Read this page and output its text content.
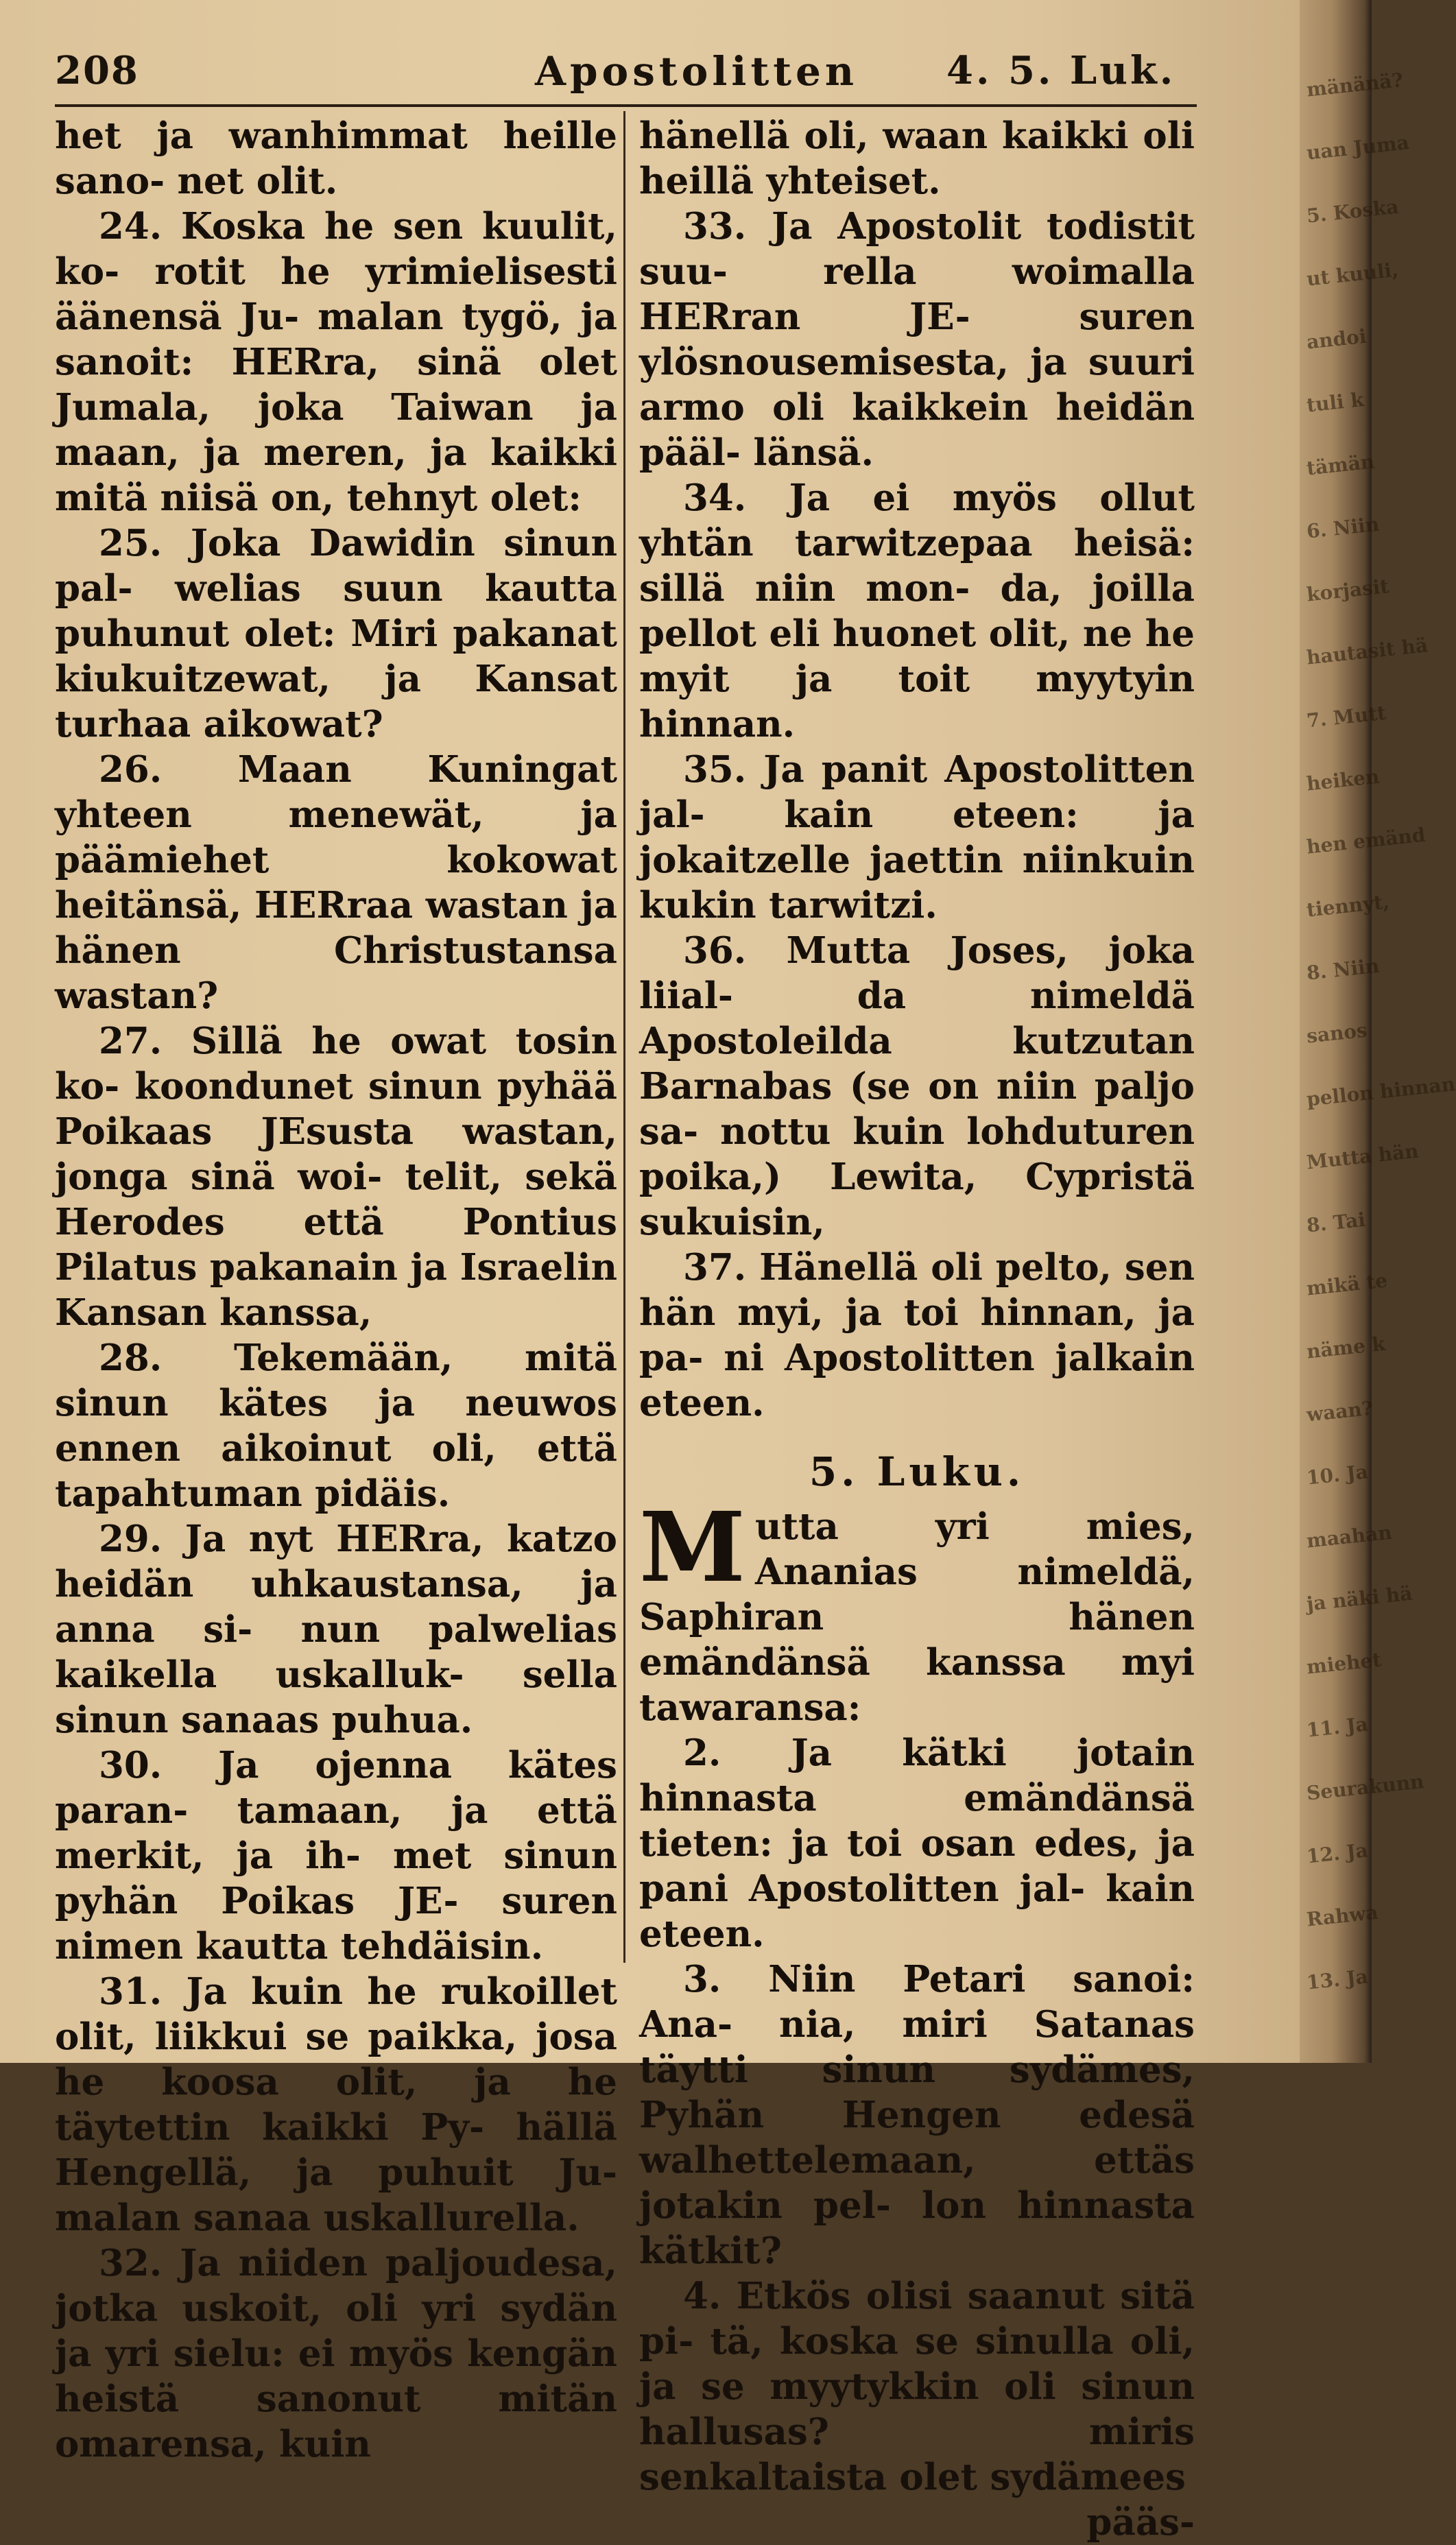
208	Apostolitten 4. 5. Luk.

het ja wanhimmat heille sano- net olit.

24. Koska he sen kuulit, ko- rotit he yrimielisesti äänensä Ju- malan tygö, ja sanoit: HERra, sinä olet Jumala, joka Taiwan ja maan, ja meren, ja kaikki mitä niisä on, tehnyt olet:

25. Joka Dawidin sinun pal- welias suun kautta puhunut olet: Miri pakanat kiukuitzewat, ja Kansat turhaa aikowat?

26. Maan Kuningat yhteen menewät, ja päämiehet kokowat heitänsä, HERraa wastan ja hänen Christustansa wastan?

27. Sillä he owat tosin ko- koondunet sinun pyhää Poikaas JEsusta wastan, jonga sinä woi- telit, sekä Herodes että Pontius Pilatus pakanain ja Israelin Kansan kanssa,

28. Tekemään, mitä sinun kätes ja neuwos ennen aikoinut oli, että tapahtuman pidäis.

29. Ja nyt HERra, katzo heidän uhkaustansa, ja anna si- nun palwelias kaikella uskalluk- sella sinun sanaas puhua.

30. Ja ojenna kätes paran- tamaan, ja että merkit, ja ih- met sinun pyhän Poikas JE- suren nimen kautta tehdäisin.

31. Ja kuin he rukoillet olit, liikkui se paikka, josa he koosa olit, ja he täytettin kaikki Py- hällä Hengellä, ja puhuit Ju- malan sanaa uskallurella.

32. Ja niiden paljoudesa, jotka uskoit, oli yri sydän ja yri sielu: ei myös kengän heistä sanonut mitän omarensa, kuin

hänellä oli, waan kaikki oli heillä yhteiset.

33. Ja Apostolit todistit suu- rella woimalla HERran JE- suren ylösnousemisesta, ja suuri armo oli kaikkein heidän pääl- länsä.

34. Ja ei myös ollut yhtän tarwitzepaa heisä: sillä niin mon- da, joilla pellot eli huonet olit, ne he myit ja toit myytyin hinnan.

35. Ja panit Apostolitten jal- kain eteen: ja jokaitzelle jaettin niinkuin kukin tarwitzi.

36. Mutta Joses, joka liial- da nimeldä Apostoleilda kutzutan Barnabas (se on niin paljo sa- nottu kuin lohduturen poika,) Lewita, Cypristä sukuisin,

37. Hänellä oli pelto, sen hän myi, ja toi hinnan, ja pa- ni Apostolitten jalkain eteen.

5. Luku.

Mutta yri mies, Ananias nimeldä, Saphiran hänen emändänsä kanssa myi tawaransa:

2. Ja kätki jotain hinnasta emändänsä tieten: ja toi osan edes, ja pani Apostolitten jal- kain eteen.

3. Niin Petari sanoi: Ana- nia, miri Satanas täytti sinun sydämes, Pyhän Hengen edesä walhettelemaan, ettäs jotakin pel- lon hinnasta kätkit?

4. Etkös olisi saanut sitä pi- tä, koska se sinulla oli, ja se myytykkin oli sinun hallusas? miris senkaltaista olet sydämees

pääs-

mänänä?
uan Juma
5. Koska
ut kuuli,
andoi
tuli k
tämän
6. Niin
korjasit
hautasit hä
7. Mutt
heiken
hen emänd
tiennyt,
8. Niin
sanos
pellon hinnan
Mutta hän
8. Tai
mikä te
näme k
waan?
10. Ja
maahan
ja näki hä
miehet
11. Ja
Seurakunn
12. Ja
Rahwa
13. Ja
